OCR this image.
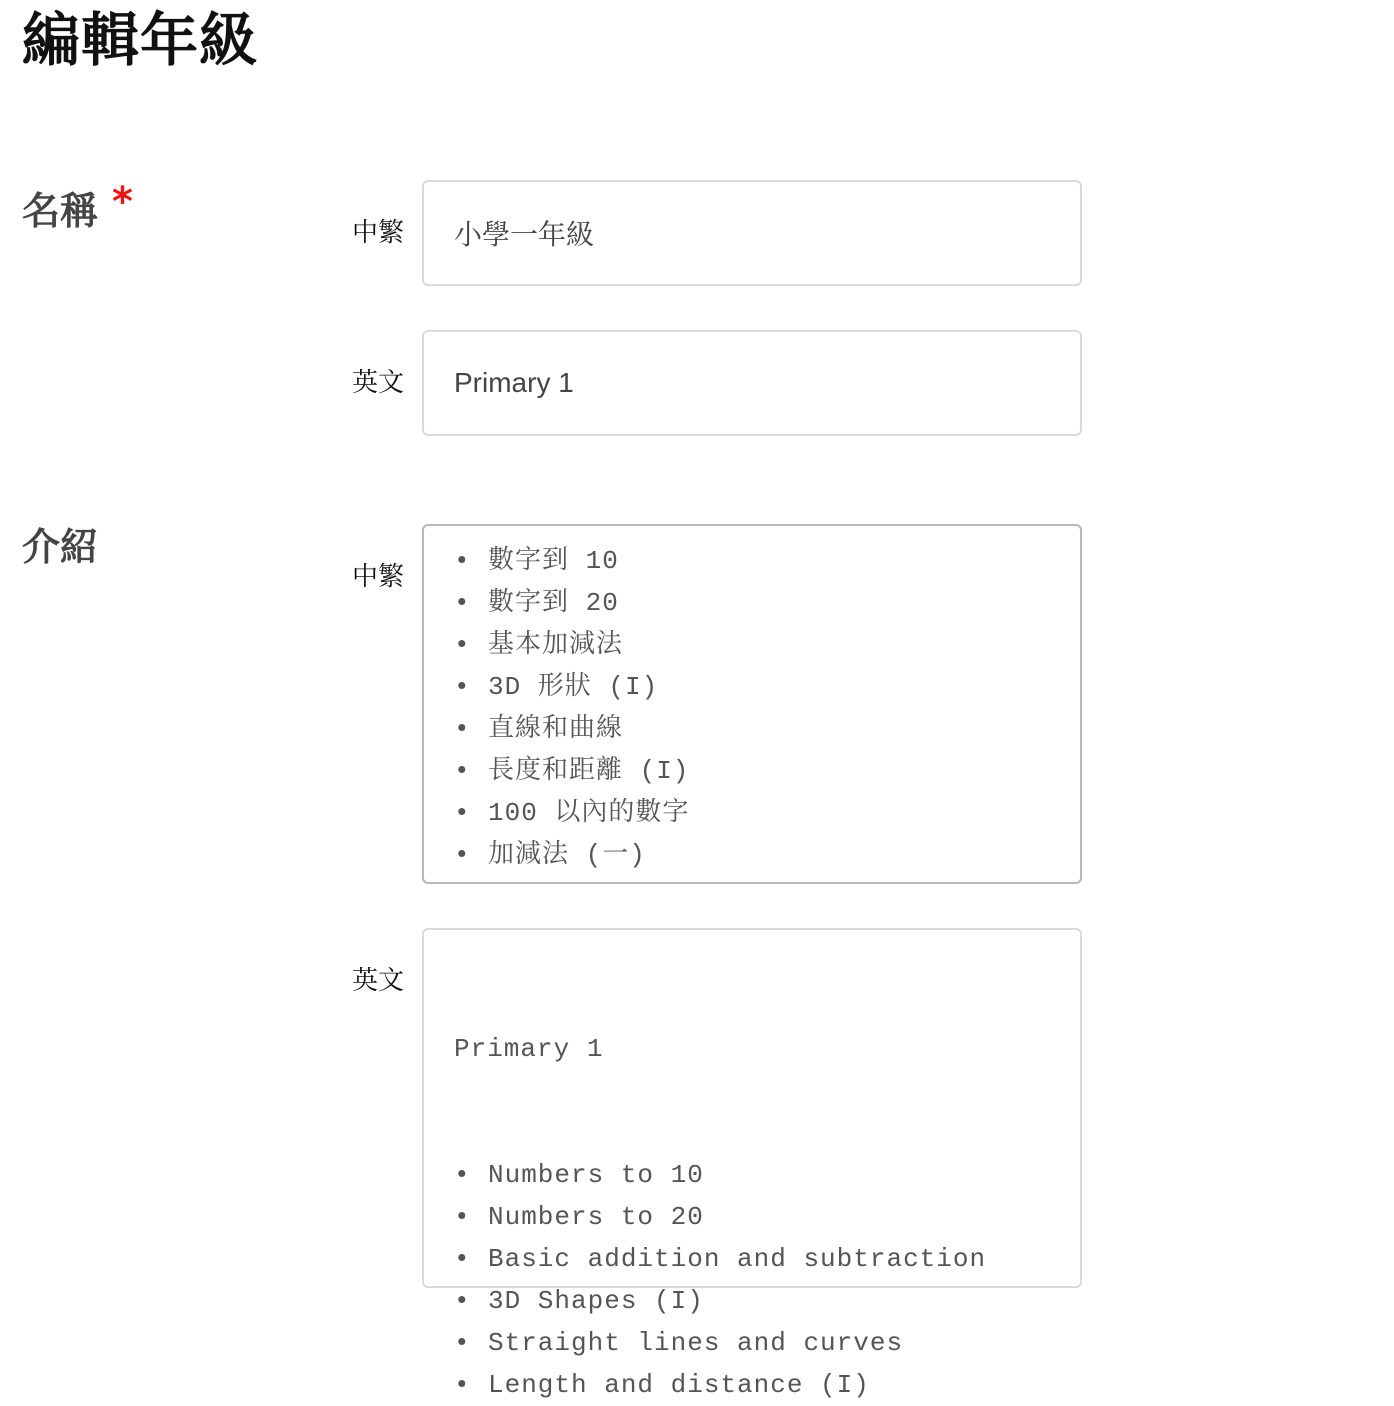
編輯年級
名稱 *
中繁
小學一年級
英文
Primary 1
介紹
中繁
• 數字到 10
• 數字到 20
• 基本加減法
• 3D 形狀 (I)
• 直線和曲線
• 長度和距離 (I)
• 100 以內的數字
• 加減法 (一)
英文

Primary 1

• Numbers to 10
• Numbers to 20
• Basic addition and subtraction
• 3D Shapes (I)
• Straight lines and curves
• Length and distance (I)
